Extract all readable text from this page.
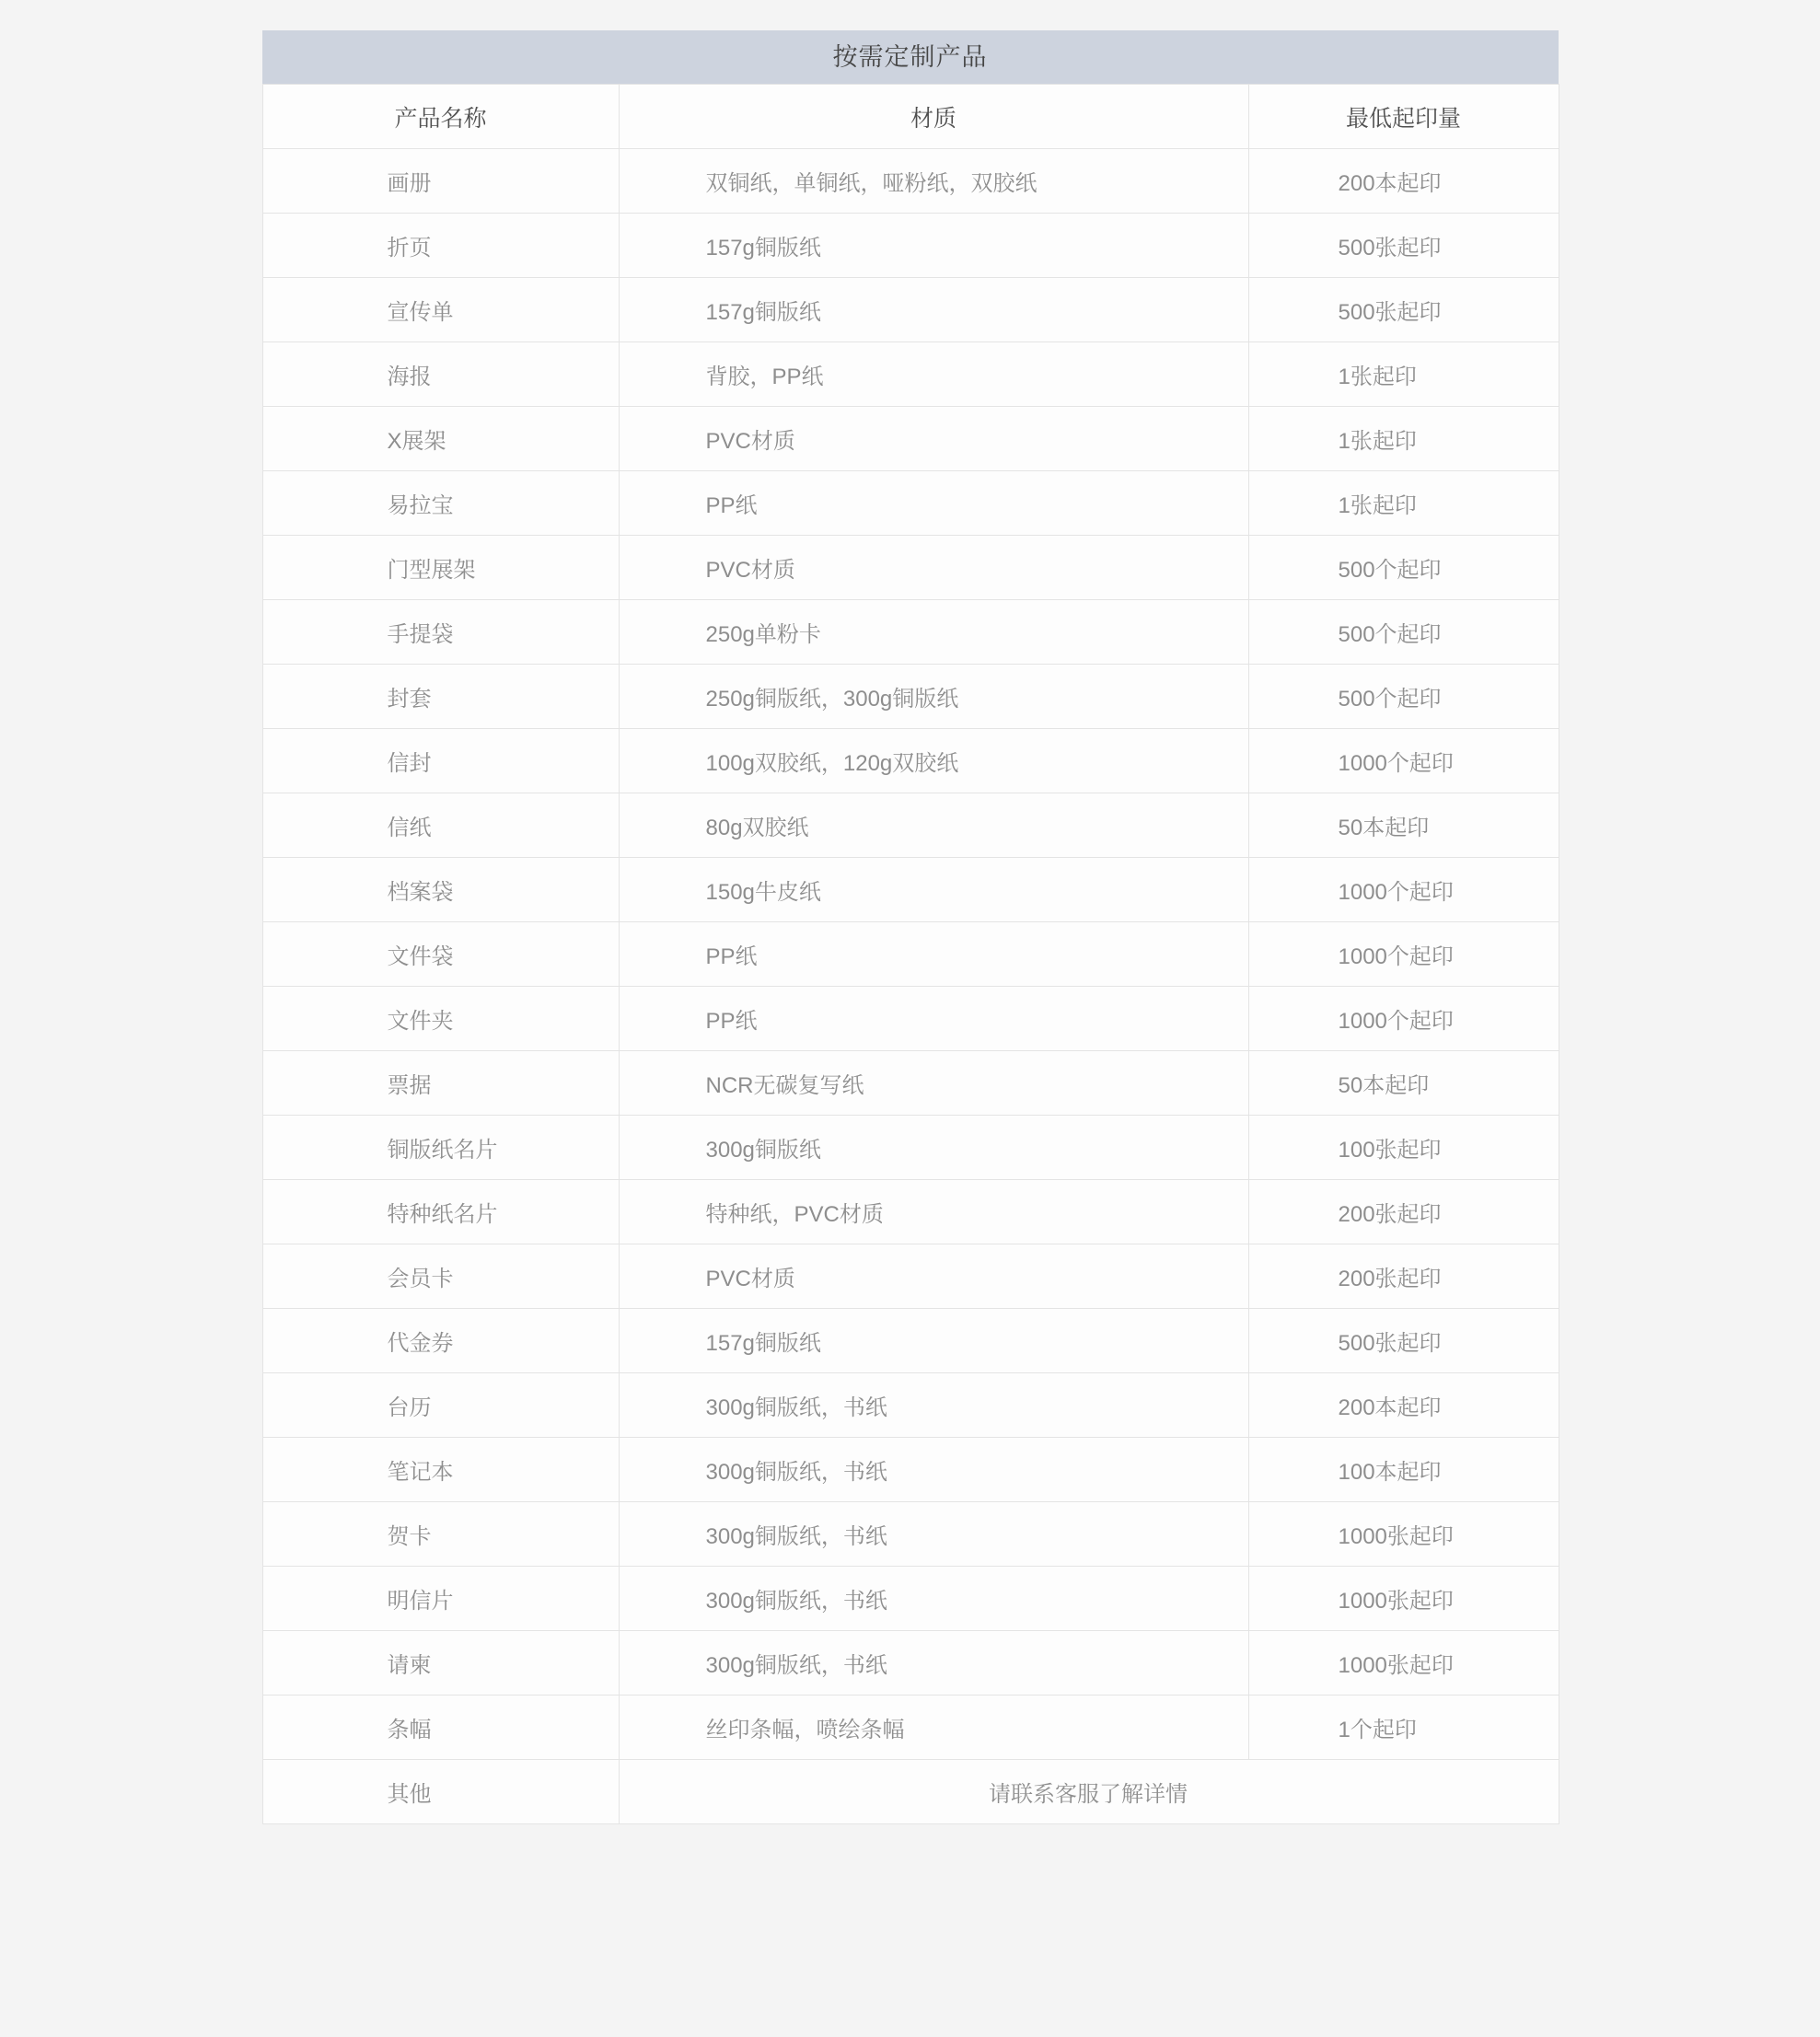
按需定制产品
产品名称	材质	最低起印量
画册	双铜纸，单铜纸，哑粉纸，双胶纸	200本起印
折页	157g铜版纸	500张起印
宣传单	157g铜版纸	500张起印
海报	背胶，PP纸	1张起印
X展架	PVC材质	1张起印
易拉宝	PP纸	1张起印
门型展架	PVC材质	500个起印
手提袋	250g单粉卡	500个起印
封套	250g铜版纸，300g铜版纸	500个起印
信封	100g双胶纸，120g双胶纸	1000个起印
信纸	80g双胶纸	50本起印
档案袋	150g牛皮纸	1000个起印
文件袋	PP纸	1000个起印
文件夹	PP纸	1000个起印
票据	NCR无碳复写纸	50本起印
铜版纸名片	300g铜版纸	100张起印
特种纸名片	特种纸，PVC材质	200张起印
会员卡	PVC材质	200张起印
代金券	157g铜版纸	500张起印
台历	300g铜版纸，书纸	200本起印
笔记本	300g铜版纸，书纸	100本起印
贺卡	300g铜版纸，书纸	1000张起印
明信片	300g铜版纸，书纸	1000张起印
请柬	300g铜版纸，书纸	1000张起印
条幅	丝印条幅，喷绘条幅	1个起印
其他	请联系客服了解详情	
